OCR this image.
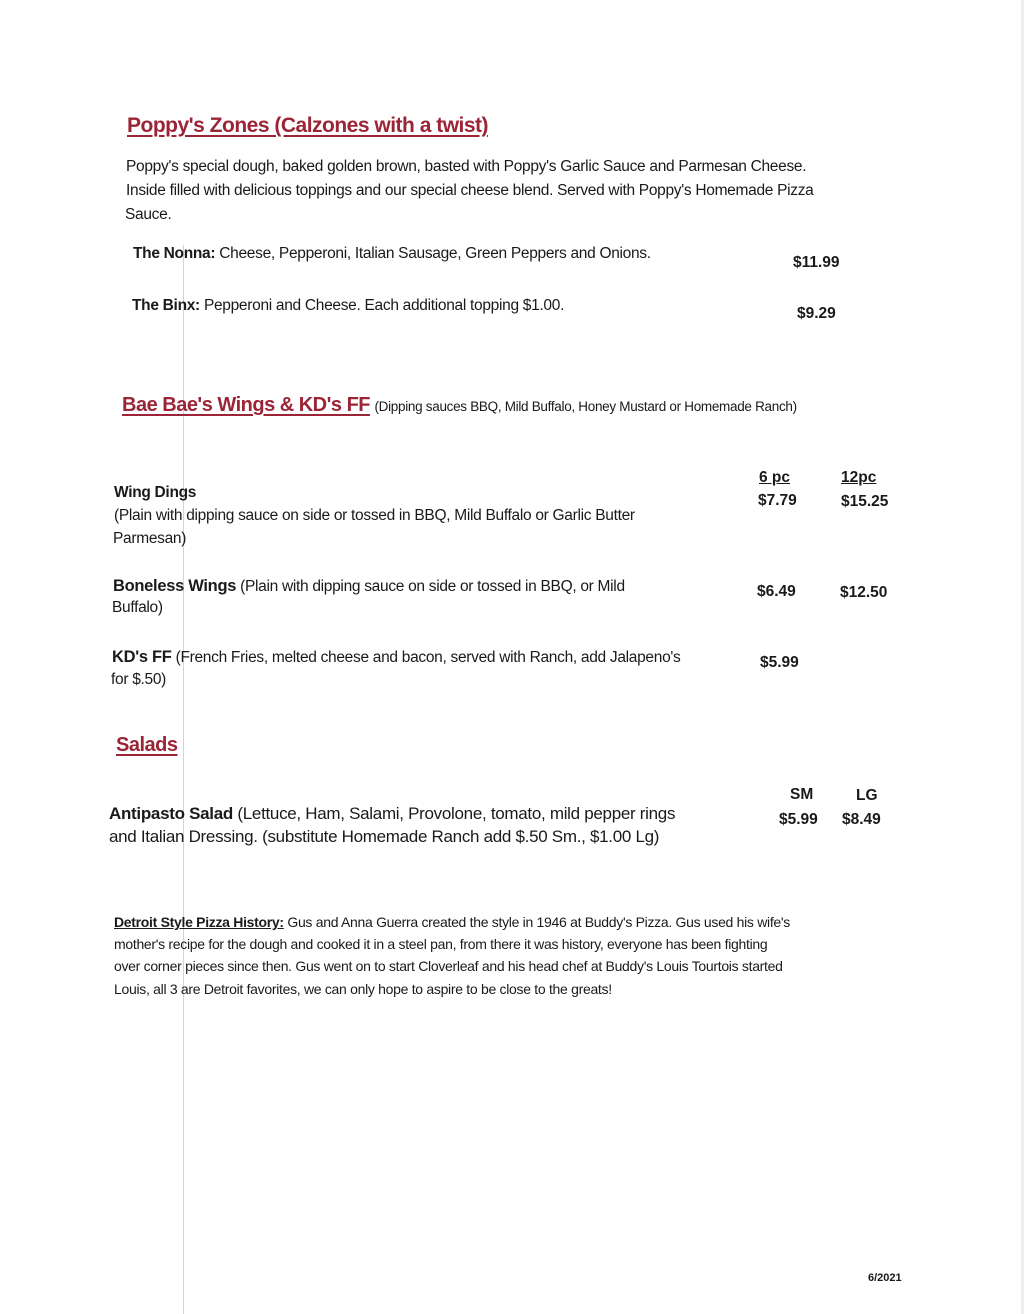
Poppy's Zones (Calzones with a twist)
Poppy's special dough, baked golden brown, basted with Poppy's Garlic Sauce and Parmesan Cheese.
Inside filled with delicious toppings and our special cheese blend. Served with Poppy's Homemade Pizza
Sauce.
The Nonna: Cheese, Pepperoni, Italian Sausage, Green Peppers and Onions.
$11.99
The Binx: Pepperoni and Cheese. Each additional topping $1.00.	$9.29
Bae Bae's Wings & KD's FF (Dipping sauces BBQ, Mild Buffalo, Honey Mustard or Homemade Ranch)
6 pc	12pc
Wing Dings
(Plain with dipping sauce on side or tossed in BBQ, Mild Buffalo or Garlic Butter
Parmesan)
$7.79	$15.25
Boneless Wings (Plain with dipping sauce on side or tossed in BBQ, or Mild
Buffalo)
$6.49	$12.50
KD's FF (French Fries, melted cheese and bacon, served with Ranch, add Jalapeno's
for $.50)
$5.99
Salads
SM	LG
Antipasto Salad (Lettuce, Ham, Salami, Provolone, tomato, mild pepper rings
and Italian Dressing. (substitute Homemade Ranch add $.50 Sm., $1.00 Lg)
$5.99 $8.49
Detroit Style Pizza History: Gus and Anna Guerra created the style in 1946 at Buddy's Pizza. Gus used his wife's
mother's recipe for the dough and cooked it in a steel pan, from there it was history, everyone has been fighting
over corner pieces since then. Gus went on to start Cloverleaf and his head chef at Buddy's Louis Tourtois started
Louis, all 3 are Detroit favorites, we can only hope to aspire to be close to the greats!
6/2021
